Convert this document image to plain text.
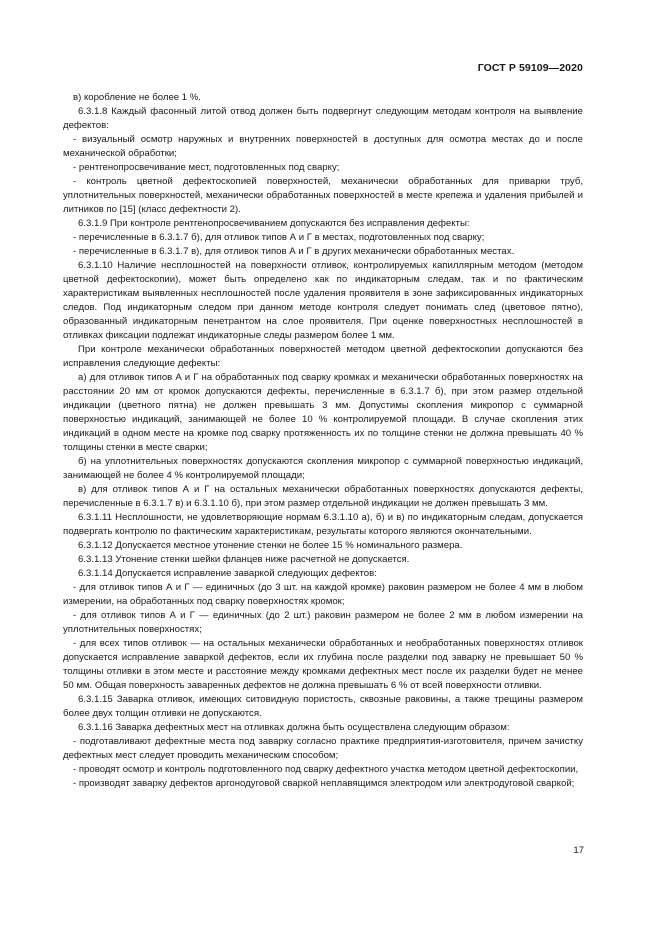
ГОСТ Р 59109—2020

в) коробление не более 1 %.

6.3.1.8 Каждый фасонный литой отвод должен быть подвергнут следующим методам контроля на выявление дефектов:

- визуальный осмотр наружных и внутренних поверхностей в доступных для осмотра местах до и после механической обработки;

- рентгенопросвечивание мест, подготовленных под сварку;

- контроль цветной дефектоскопией поверхностей, механически обработанных для приварки труб, уплотнительных поверхностей, механически обработанных поверхностей в месте крепежа и удаления прибылей и литников по [15] (класс дефектности 2).

6.3.1.9 При контроле рентгенопросвечиванием допускаются без исправления дефекты:

- перечисленные в 6.3.1.7 б), для отливок типов А и Г в местах, подготовленных под сварку;

- перечисленные в 6.3.1.7 в), для отливок типов А и Г в других механически обработанных местах.

6.3.1.10 Наличие несплошностей на поверхности отливок, контролируемых капиллярным методом (методом цветной дефектоскопии), может быть определено как по индикаторным следам, так и по фактическим характеристикам выявленных несплошностей после удаления проявителя в зоне зафиксированных индикаторных следов. Под индикаторным следом при данном методе контроля следует понимать след (цветовое пятно), образованный индикаторным пенетрантом на слое проявителя. При оценке поверхностных несплошностей в отливках фиксации подлежат индикаторные следы размером более 1 мм.

При контроле механически обработанных поверхностей методом цветной дефектоскопии допускаются без исправления следующие дефекты:

а) для отливок типов А и Г на обработанных под сварку кромках и механически обработанных поверхностях на расстоянии 20 мм от кромок допускаются дефекты, перечисленные в 6.3.1.7 б), при этом размер отдельной индикации (цветного пятна) не должен превышать 3 мм. Допустимы скопления микропор с суммарной поверхностью индикаций, занимающей не более 10 % контролируемой площади. В случае скопления этих индикаций в одном месте на кромке под сварку протяженность их по толщине стенки не должна превышать 40 % толщины стенки в месте сварки;

б) на уплотнительных поверхностях допускаются скопления микропор с суммарной поверхностью индикаций, занимающей не более 4 % контролируемой площади;

в) для отливок типов А и Г на остальных механически обработанных поверхностях допускаются дефекты, перечисленные в 6.3.1.7 в) и 6.3.1.10 б), при этом размер отдельной индикации не должен превышать 3 мм.

6.3.1.11 Несплошности, не удовлетворяющие нормам 6.3.1.10 а), б) и в) по индикаторным следам, допускается подвергать контролю по фактическим характеристикам, результаты которого являются окончательными.

6.3.1.12 Допускается местное утонение стенки не более 15 % номинального размера.

6.3.1.13 Утонение стенки шейки фланцев ниже расчетной не допускается.

6.3.1.14 Допускается исправление заваркой следующих дефектов:

- для отливок типов А и Г — единичных (до 3 шт. на каждой кромке) раковин размером не более 4 мм в любом измерении, на обработанных под сварку поверхностях кромок;

- для отливок типов А и Г — единичных (до 2 шт.) раковин размером не более 2 мм в любом измерении на уплотнительных поверхностях;

- для всех типов отливок — на остальных механически обработанных и необработанных поверхностях отливок допускается исправление заваркой дефектов, если их глубина после разделки под заварку не превышает 50 % толщины отливки в этом месте и расстояние между кромками дефектных мест после их разделки будет не менее 50 мм. Общая поверхность заваренных дефектов не должна превышать 6 % от всей поверхности отливки.

6.3.1.15 Заварка отливок, имеющих ситовидную пористость, сквозные раковины, а также трещины размером более двух толщин отливки не допускаются.

6.3.1.16 Заварка дефектных мест на отливках должна быть осуществлена следующим образом:

- подготавливают дефектные места под заварку согласно практике предприятия-изготовителя, причем зачистку дефектных мест следует проводить механическим способом;

- проводят осмотр и контроль подготовленного под сварку дефектного участка методом цветной дефектоскопии,

- производят заварку дефектов аргонодуговой сваркой неплавящимся электродом или электродуговой сваркой;

17
